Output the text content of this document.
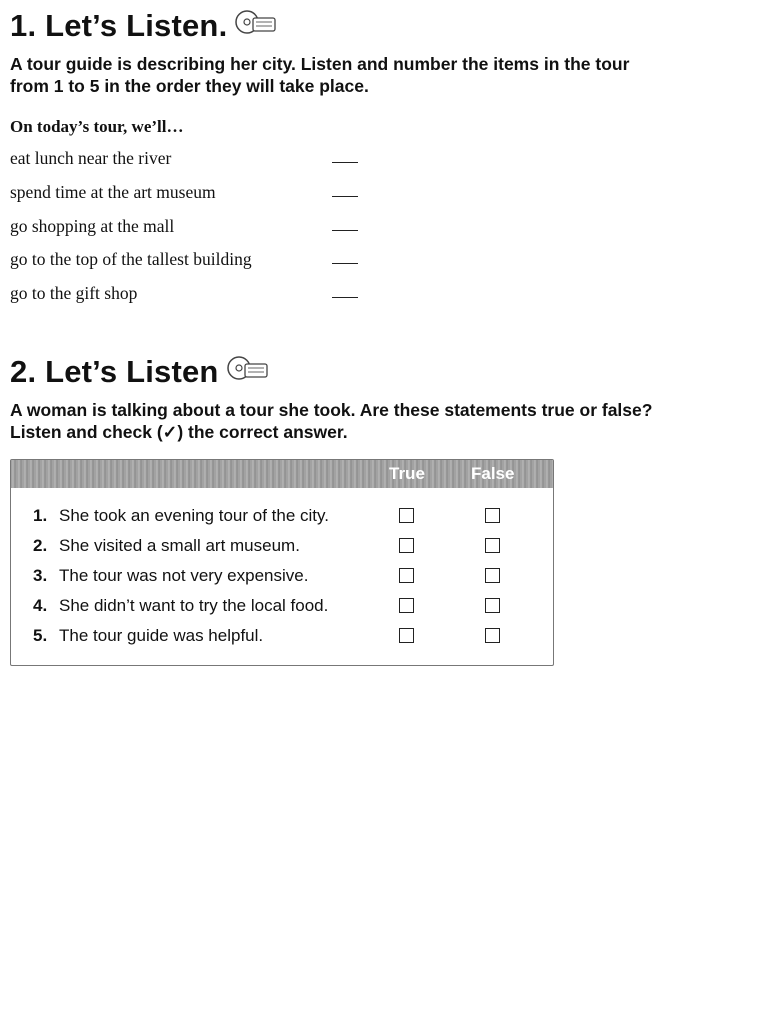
1. Let’s Listen.

A tour guide is describing her city. Listen and number the items in the tour

from 1 to 5 in the order they will take place.

On today’s tour, we’ll…
eat lunch near the river
spend time at the art museum
go shopping at the mall
go to the top of the tallest building
go to the gift shop
2. Let’s Listen

A woman is talking about a tour she took. Are these statements true or false?

Listen and check (✓) the correct answer.

True	False
1. She took an evening tour of the city.
2. She visited a small art museum.
3. The tour was not very expensive.
4. She didn’t want to try the local food.
5. The tour guide was helpful.
